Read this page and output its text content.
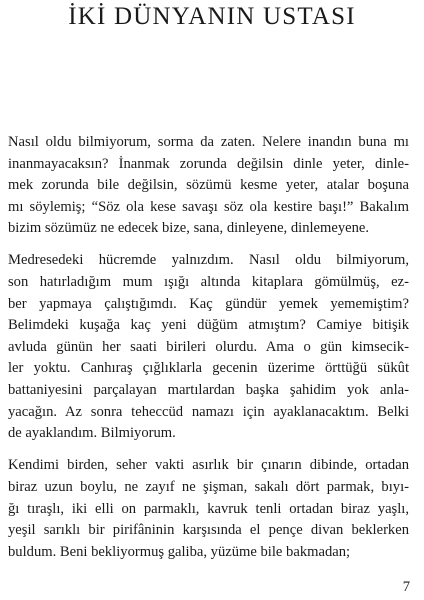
İKİ DÜNYANIN USTASI

Nasıl oldu bilmiyorum, sorma da zaten. Nelere inandın buna mı
inanmayacaksın? İnanmak zorunda değilsin dinle yeter, dinle-
mek zorunda bile değilsin, sözümü kesme yeter, atalar boşuna
mı söylemiş; “Söz ola kese savaşı söz ola kestire başı!” Bakalım
bizim sözümüz ne edecek bize, sana, dinleyene, dinlemeyene.

Medresedeki hücremde yalnızdım. Nasıl oldu bilmiyorum,
son hatırladığım mum ışığı altında kitaplara gömülmüş, ez-
ber yapmaya çalıştığımdı. Kaç gündür yemek yememiştim?
Belimdeki kuşağa kaç yeni düğüm atmıştım? Camiye bitişik
avluda günün her saati birileri olurdu. Ama o gün kimsecik-
ler yoktu. Canhıraş çığlıklarla gecenin üzerime örttüğü sükût
battaniyesini parçalayan martılardan başka şahidim yok anla-
yacağın. Az sonra teheccüd namazı için ayaklanacaktım. Belki
de ayaklandım. Bilmiyorum.

Kendimi birden, seher vakti asırlık bir çınarın dibinde, ortadan
biraz uzun boylu, ne zayıf ne şişman, sakalı dört parmak, bıyı-
ğı tıraşlı, iki elli on parmaklı, kavruk tenli ortadan biraz yaşlı,
yeşil sarıklı bir pirifâninin karşısında el pençe divan beklerken
buldum. Beni bekliyormuş galiba, yüzüme bile bakmadan;

7
